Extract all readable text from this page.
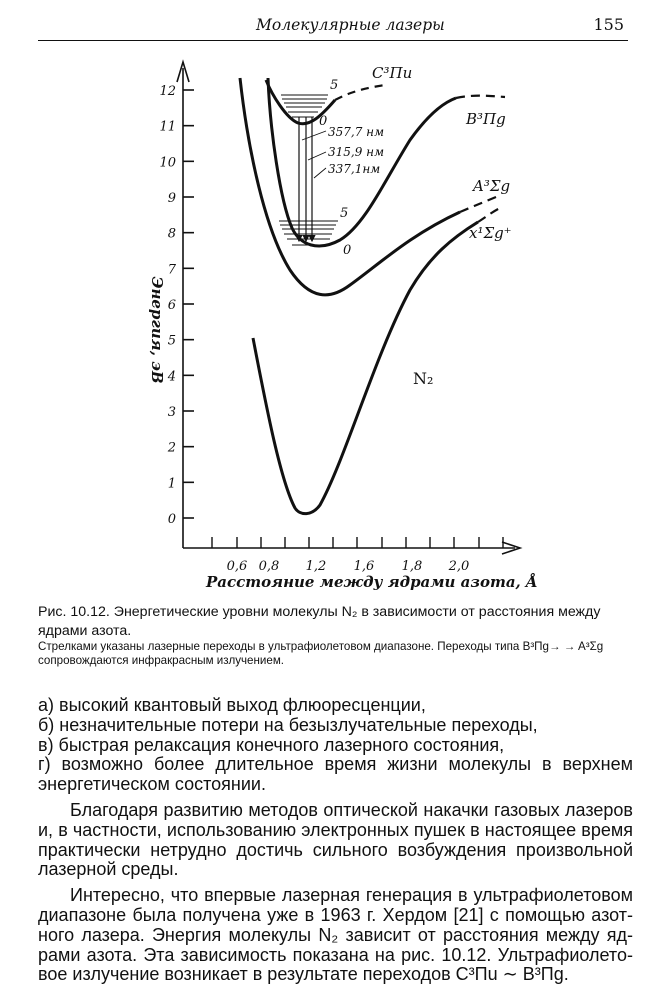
Молекулярные лазеры	155
0
1
2
3
4
5
6
7
8
9
10
11
12
0,6 0,8 1,2 1,6 1,8 2,0
Энергия, эВ
Расстояние между ядрами азота, Å
357,7 нм
315,9 нм
337,1нм
5
0
5
0
C³Πu
B³Πg
A³Σg
x¹Σg⁺
N₂
Рис. 10.12. Энергетические уровни молекулы N₂ в зависимости от расстояния между ядрами азота.
Стрелками указаны лазерные переходы в ультрафиолетовом диапазоне. Переходы типа B³Πg→ → A³Σg сопровождаются инфракрасным излучением.

а) высокий квантовый выход флюоресценции,

б) незначительные потери на безызлучательные переходы,

в) быстрая релаксация конечного лазерного состояния,

г) возможно более длительное время жизни молекулы в верхнем энергетическом состоянии.

Благодаря развитию методов оптической накачки газовых лазеров и, в частности, использованию электронных пушек в настоящее время практически нетрудно достичь сильного возбуждения произвольной лазерной среды.

Интересно, что впервые лазерная генерация в ультрафиолетовом диапазоне была получена уже в 1963 г. Хердом [21] с помощью азотного лазера. Энергия молекулы N₂ зависит от расстояния между ядрами азота. Эта зависимость показана на рис. 10.12. Ультрафиолетовое излучение возникает в результате переходов C³Πu ∼ B³Πg.
